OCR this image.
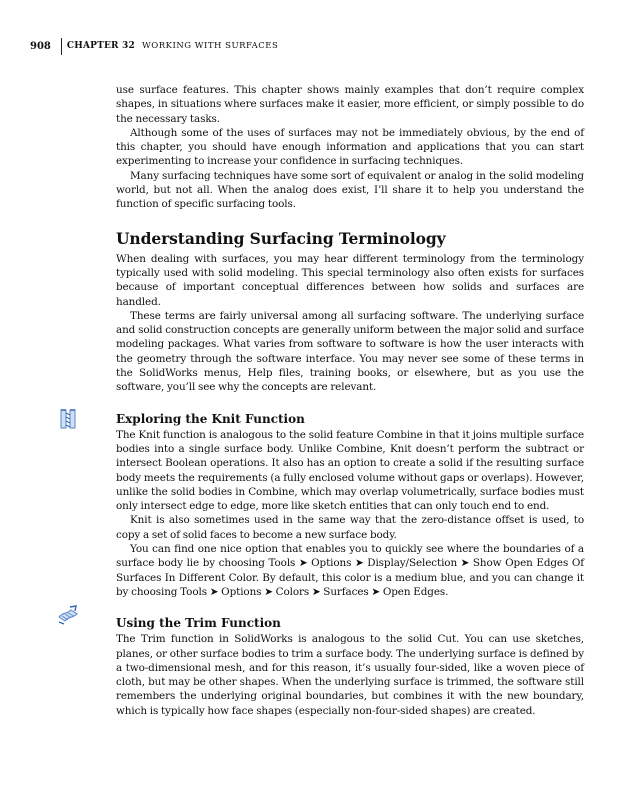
908 CHAPTER 32 WORKING WITH SURFACES

use surface features. This chapter shows mainly examples that don’t require complex shapes, in situations where surfaces make it easier, more efficient, or simply possible to do the necessary tasks.

Although some of the uses of surfaces may not be immediately obvious, by the end of this chapter, you should have enough information and applications that you can start experimenting to increase your confidence in surfacing techniques.

Many surfacing techniques have some sort of equivalent or analog in the solid modeling world, but not all. When the analog does exist, I’ll share it to help you understand the function of specific surfacing tools.

Understanding Surfacing Terminology

When dealing with surfaces, you may hear different terminology from the terminology typically used with solid modeling. This special terminology also often exists for surfaces because of important conceptual differences between how solids and surfaces are handled.

These terms are fairly universal among all surfacing software. The underlying surface and solid construction concepts are generally uniform between the major solid and surface modeling packages. What varies from software to software is how the user interacts with the geometry through the software interface. You may never see some of these terms in the SolidWorks menus, Help files, training books, or elsewhere, but as you use the software, you’ll see why the concepts are relevant.

Exploring the Knit Function

The Knit function is analogous to the solid feature Combine in that it joins multiple surface bodies into a single surface body. Unlike Combine, Knit doesn’t perform the subtract or intersect Boolean operations. It also has an option to create a solid if the resulting surface body meets the requirements (a fully enclosed volume without gaps or overlaps). However, unlike the solid bodies in Combine, which may overlap volumetrically, surface bodies must only intersect edge to edge, more like sketch entities that can only touch end to end.

Knit is also sometimes used in the same way that the zero-distance offset is used, to copy a set of solid faces to become a new surface body.

You can find one nice option that enables you to quickly see where the boundaries of a surface body lie by choosing Tools ➤ Options ➤ Display/Selection ➤ Show Open Edges Of Surfaces In Different Color. By default, this color is a medium blue, and you can change it by choosing Tools ➤ Options ➤ Colors ➤ Surfaces ➤ Open Edges.

Using the Trim Function

The Trim function in SolidWorks is analogous to the solid Cut. You can use sketches, planes, or other surface bodies to trim a surface body. The underlying surface is defined by a two-dimensional mesh, and for this reason, it’s usually four-sided, like a woven piece of cloth, but may be other shapes. When the underlying surface is trimmed, the software still remembers the underlying original boundaries, but combines it with the new boundary, which is typically how face shapes (especially non-four-sided shapes) are created.
